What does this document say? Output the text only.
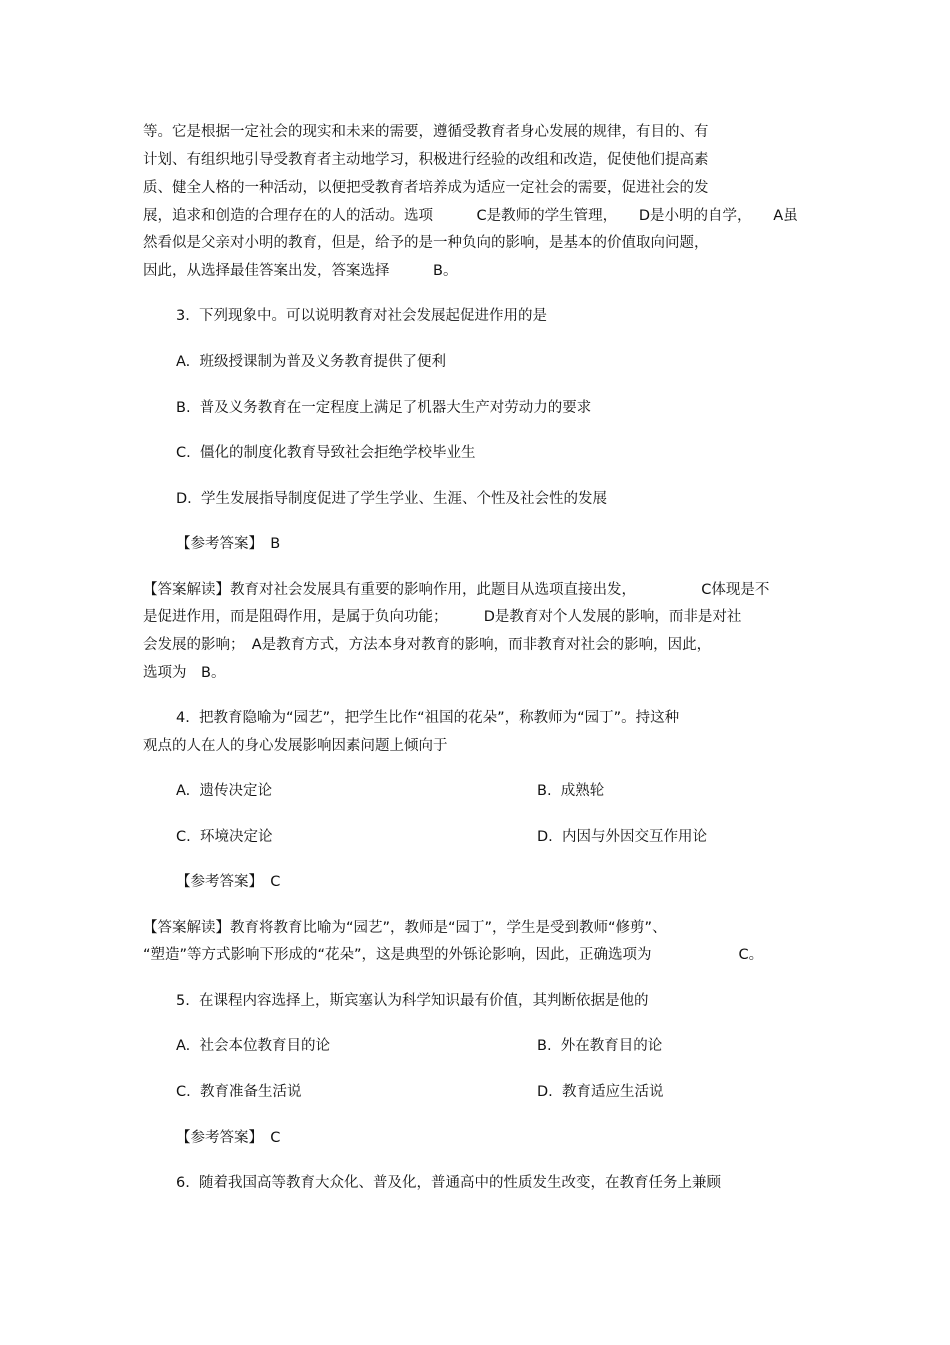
等。它是根据一定社会的现实和未来的需要，遵循受教育者身心发展的规律，有目的、有
计划、有组织地引导受教育者主动地学习，积极进行经验的改组和改造，促使他们提高素
质、健全人格的一种活动，以便把受教育者培养成为适应一定社会的需要，促进社会的发
展，追求和创造的合理存在的人的活动。选项　　　C是教师的学生管理，　　D是小明的自学，　　A虽
然看似是父亲对小明的教育，但是，给予的是一种负向的影响，是基本的价值取向问题，
因此，从选择最佳答案出发，答案选择　　　B。
3.  下列现象中。可以说明教育对社会发展起促进作用的是
A.  班级授课制为普及义务教育提供了便利
B.  普及义务教育在一定程度上满足了机器大生产对劳动力的要求
C.  僵化的制度化教育导致社会拒绝学校毕业生
D.  学生发展指导制度促进了学生学业、生涯、个性及社会性的发展
【参考答案】　B
【答案解读】教育对社会发展具有重要的影响作用，此题目从选项直接出发，　　　　　C体现是不
是促进作用，而是阻碍作用，是属于负向功能；　　　D是教育对个人发展的影响，而非是对社
会发展的影响；　A是教育方式，方法本身对教育的影响，而非教育对社会的影响，因此，
选项为　B。
4.  把教育隐喻为“园艺”，把学生比作“祖国的花朵”，称教师为“园丁”。持这种
观点的人在人的身心发展影响因素问题上倾向于
A.  遗传决定论	B.  成熟轮
C.  环境决定论	D.  内因与外因交互作用论
【参考答案】　C
【答案解读】教育将教育比喻为“园艺”，教师是“园丁”，学生是受到教师“修剪”、
“塑造”等方式影响下形成的“花朵”，这是典型的外铄论影响，因此，正确选项为　　　　　　C。
5.  在课程内容选择上，斯宾塞认为科学知识最有价值，其判断依据是他的
A.  社会本位教育目的论	B.  外在教育目的论
C.  教育准备生活说	D.  教育适应生活说
【参考答案】　C
6.  随着我国高等教育大众化、普及化，普通高中的性质发生改变，在教育任务上兼顾
